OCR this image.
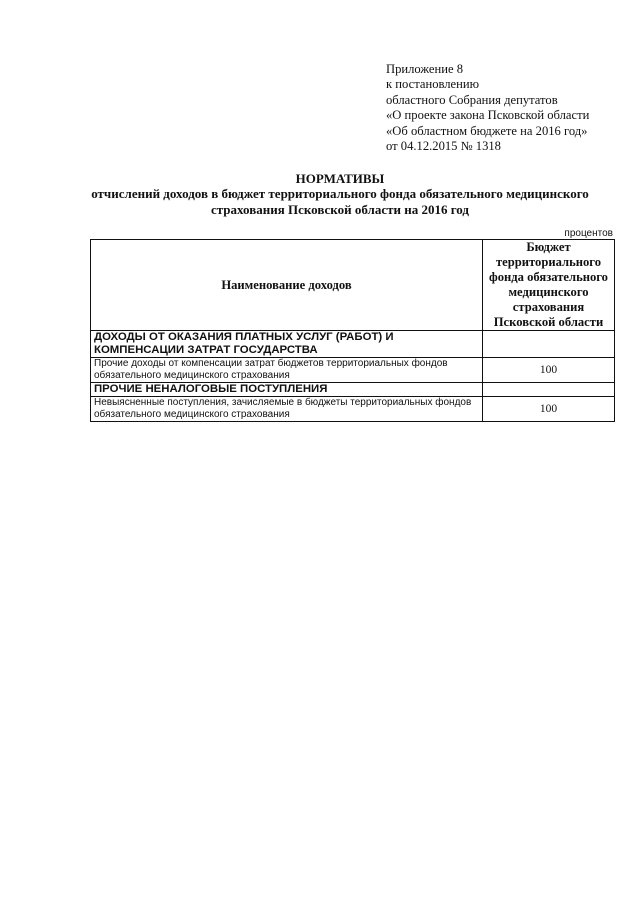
Приложение 8
к постановлению
областного Собрания депутатов
«О проекте закона Псковской области
«Об областном бюджете на 2016 год»
от 04.12.2015 № 1318
НОРМАТИВЫ
отчислений доходов в бюджет территориального фонда обязательного медицинского
страхования Псковской области на 2016 год
процентов
Наименование доходов	Бюджет территориального фонда обязательного медицинского страхования Псковской области
ДОХОДЫ ОТ ОКАЗАНИЯ ПЛАТНЫХ УСЛУГ (РАБОТ) И КОМПЕНСАЦИИ ЗАТРАТ ГОСУДАРСТВА	
Прочие доходы от компенсации затрат бюджетов территориальных фондов обязательного медицинского страхования	100
ПРОЧИЕ НЕНАЛОГОВЫЕ ПОСТУПЛЕНИЯ	
Невыясненные поступления, зачисляемые в бюджеты территориальных фондов обязательного медицинского страхования	100
